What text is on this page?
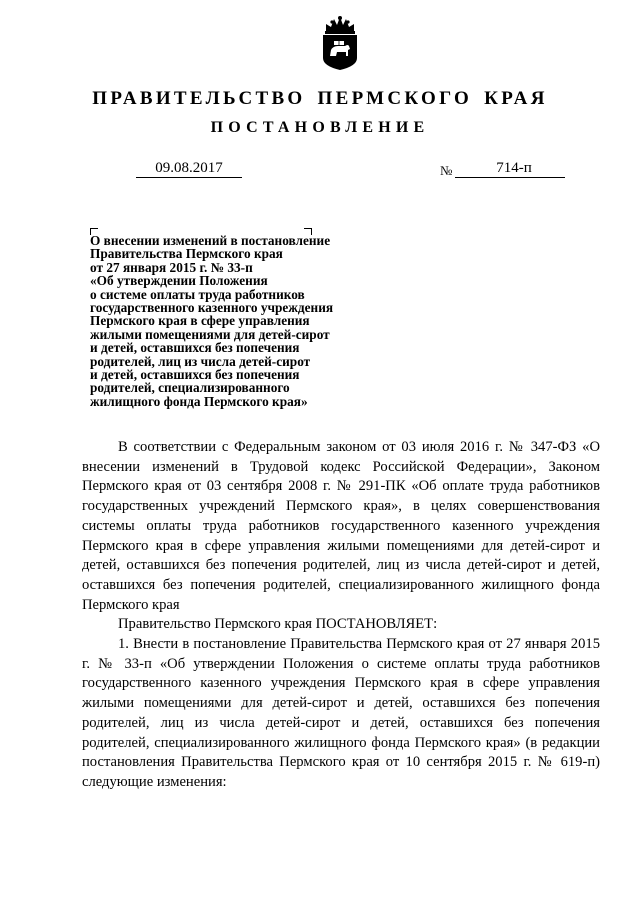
ПРАВИТЕЛЬСТВО ПЕРМСКОГО КРАЯ
ПОСТАНОВЛЕНИЕ
09.08.2017	№	714-п
О внесении изменений в постановление
Правительства Пермского края
от 27 января 2015 г. № 33-п
«Об утверждении Положения
о системе оплаты труда работников
государственного казенного учреждения
Пермского края в сфере управления
жилыми помещениями для детей-сирот
и детей, оставшихся без попечения
родителей, лиц из числа детей-сирот
и детей, оставшихся без попечения
родителей, специализированного
жилищного фонда Пермского края»

В соответствии с Федеральным законом от 03 июля 2016 г. № 347-ФЗ «О внесении изменений в Трудовой кодекс Российской Федерации», Законом Пермского края от 03 сентября 2008 г. № 291-ПК «Об оплате труда работников государственных учреждений Пермского края», в целях совершенствования системы оплаты труда работников государственного казенного учреждения Пермского края в сфере управления жилыми помещениями для детей-сирот и детей, оставшихся без попечения родителей, лиц из числа детей-сирот и детей, оставшихся без попечения родителей, специализированного жилищного фонда Пермского края

Правительство Пермского края ПОСТАНОВЛЯЕТ:

1. Внести в постановление Правительства Пермского края от 27 января 2015 г. № 33-п «Об утверждении Положения о системе оплаты труда работников государственного казенного учреждения Пермского края в сфере управления жилыми помещениями для детей-сирот и детей, оставшихся без попечения родителей, лиц из числа детей-сирот и детей, оставшихся без попечения родителей, специализированного жилищного фонда Пермского края» (в редакции постановления Правительства Пермского края от 10 сентября 2015 г. № 619-п) следующие изменения:
